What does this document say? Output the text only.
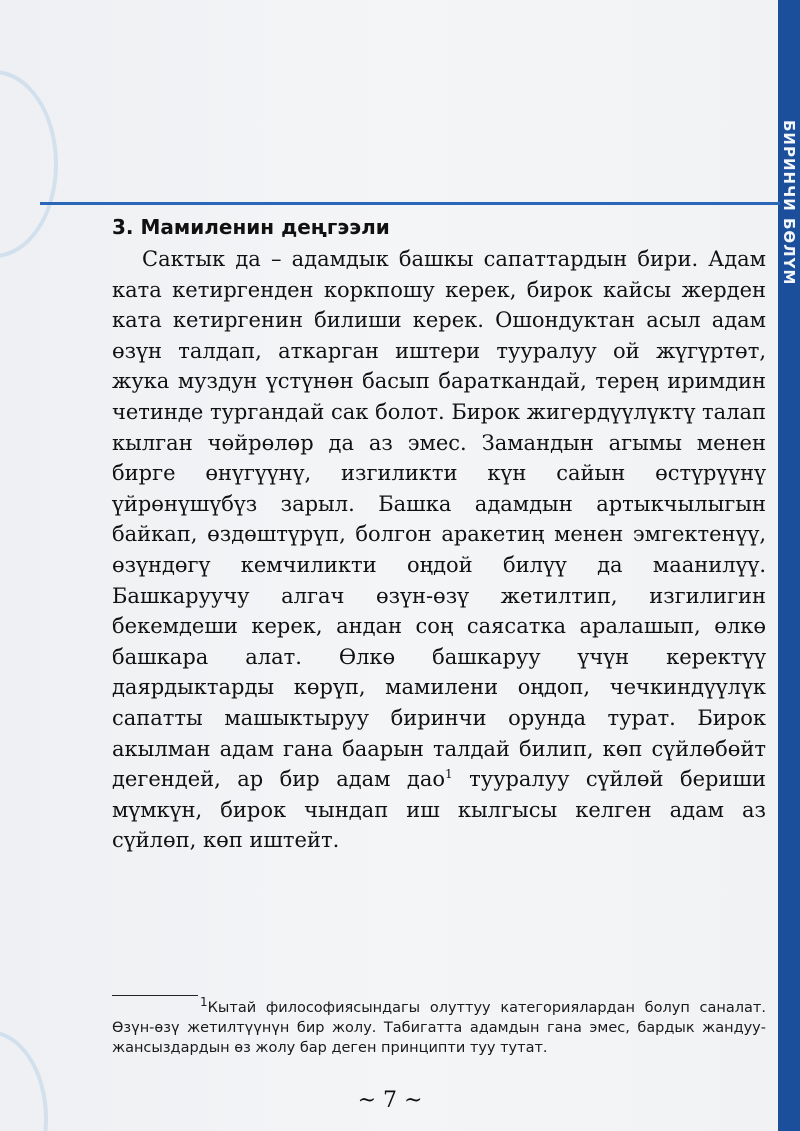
БИРИНЧИ БӨЛҮМ
3. Мамиленин деңгээли

Сактык да – адамдык башкы сапаттардын бири. Адам ката кетиргенден коркпошу керек, бирок кайсы жерден ката кетиргенин билиши керек. Ошондуктан асыл адам өзүн талдап, аткарган иштери тууралуу ой жүгүртөт, жука муздун үстүнөн басып бараткандай, терең иримдин четинде тургандай сак болот. Бирок жигердүүлүктү талап кылган чөйрөлөр да аз эмес. Замандын агымы менен бирге өнүгүүнү, изгиликти күн сайын өстүрүүнү үйрөнүшүбүз зарыл. Башка адамдын артыкчылыгын байкап, өздөштүрүп, болгон аракетиң менен эмгектенүү, өзүндөгү кемчиликти оңдой билүү да маанилүү. Башкаруучу алгач өзүн-өзү жетилтип, изгилигин бекемдеши керек, андан соң саясатка аралашып, өлкө башкара алат. Өлкө башкаруу үчүн керектүү даярдыктарды көрүп, мамилени оңдоп, чечкиндүүлүк сапатты машыктыруу биринчи орунда турат. Бирок акылман адам гана баарын талдай билип, көп сүйлөбөйт дегендей, ар бир адам дао$^1$ тууралуу сүйлөй бериши мүмкүн, бирок чындап иш кылгысы келген адам аз сүйлөп, көп иштейт.

$^1$Кытай философиясындагы олуттуу категориялардан болуп саналат. Өзүн-өзү жетилтүүнүн бир жолу. Табигатта адамдын гана эмес, бардык жандуу-жансыздардын өз жолу бар деген принципти туу тутат.
~ 7 ~
